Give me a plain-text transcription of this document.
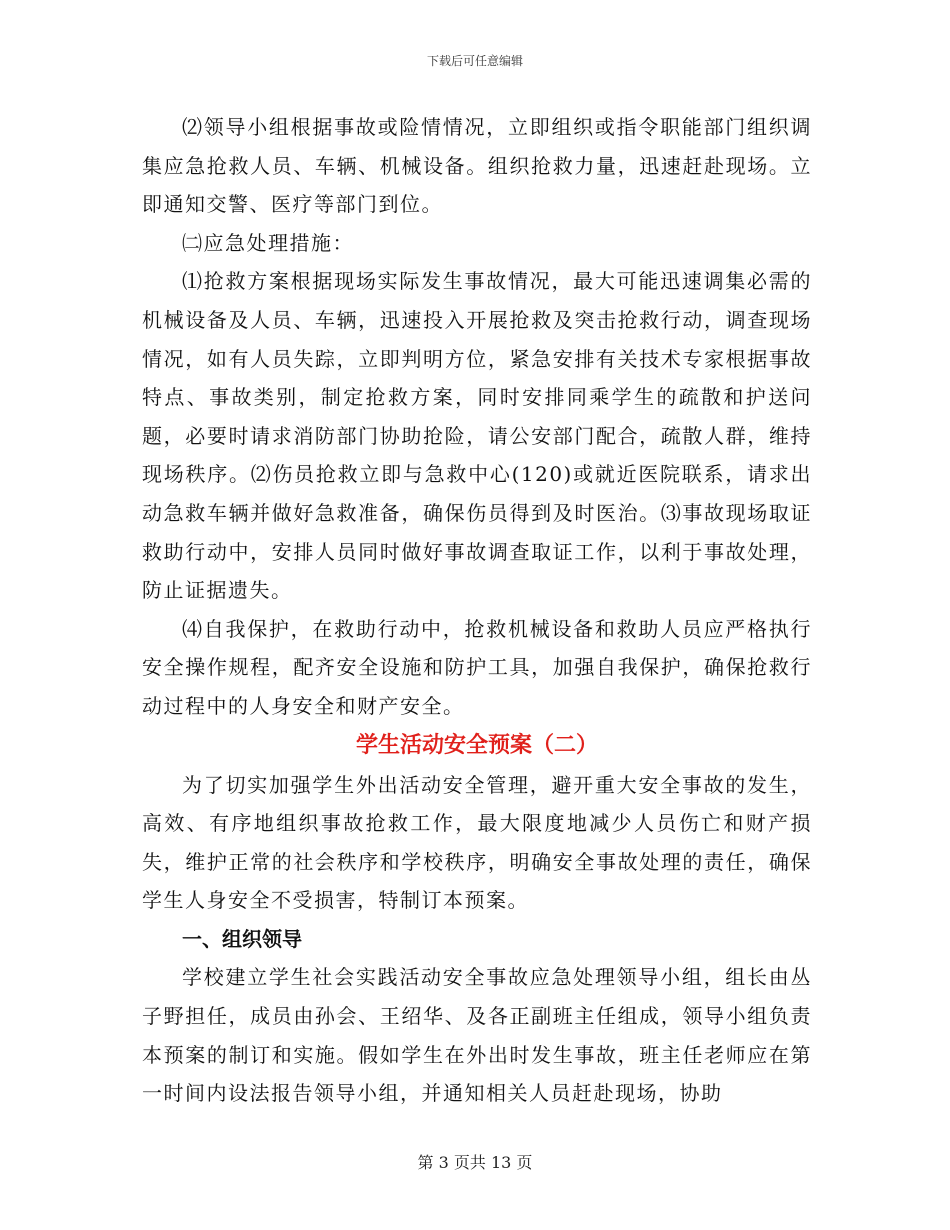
下载后可任意编辑

⑵领导小组根据事故或险情情况，立即组织或指令职能部门组织调集应急抢救人员、车辆、机械设备。组织抢救力量，迅速赶赴现场。立即通知交警、医疗等部门到位。

㈡应急处理措施：

⑴抢救方案根据现场实际发生事故情况，最大可能迅速调集必需的机械设备及人员、车辆，迅速投入开展抢救及突击抢救行动，调查现场情况，如有人员失踪，立即判明方位，紧急安排有关技术专家根据事故特点、事故类别，制定抢救方案，同时安排同乘学生的疏散和护送问题，必要时请求消防部门协助抢险，请公安部门配合，疏散人群，维持现场秩序。⑵伤员抢救立即与急救中心(120)或就近医院联系，请求出动急救车辆并做好急救准备，确保伤员得到及时医治。⑶事故现场取证救助行动中，安排人员同时做好事故调查取证工作，以利于事故处理，防止证据遗失。

⑷自我保护，在救助行动中，抢救机械设备和救助人员应严格执行安全操作规程，配齐安全设施和防护工具，加强自我保护，确保抢救行动过程中的人身安全和财产安全。

学生活动安全预案（二）

为了切实加强学生外出活动安全管理，避开重大安全事故的发生，高效、有序地组织事故抢救工作，最大限度地减少人员伤亡和财产损失，维护正常的社会秩序和学校秩序，明确安全事故处理的责任，确保学生人身安全不受损害，特制订本预案。

一、组织领导

学校建立学生社会实践活动安全事故应急处理领导小组，组长由丛子野担任，成员由孙会、王绍华、及各正副班主任组成，领导小组负责本预案的制订和实施。假如学生在外出时发生事故，班主任老师应在第一时间内设法报告领导小组，并通知相关人员赶赴现场，协助

第 3 页共 13 页
